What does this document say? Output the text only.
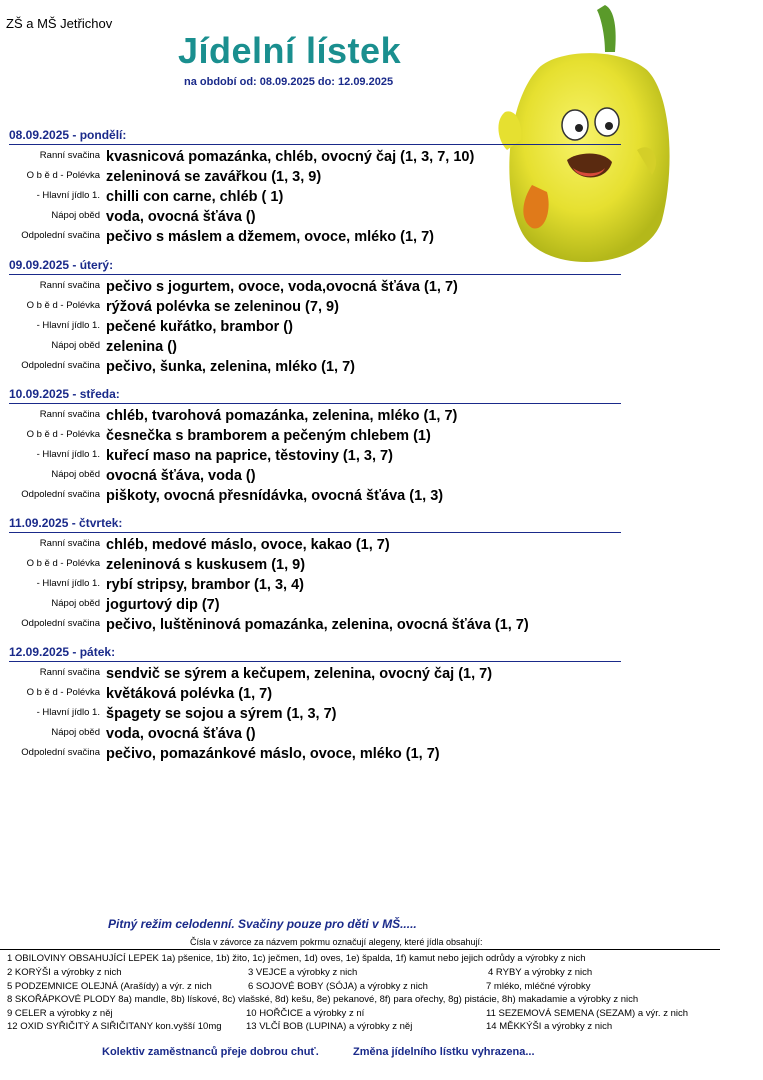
ZŠ a MŠ Jetřichov
Jídelní lístek
na období od: 08.09.2025 do: 12.09.2025
08.09.2025 - pondělí:
Ranní svačina kvasnicová pomazánka, chléb, ovocný čaj (1, 3, 7, 10)
O b ě d - Polévka zeleninová se zavářkou (1, 3, 9)
- Hlavní jídlo 1. chilli con carne, chléb ( 1)
Nápoj oběd voda, ovocná šťáva ()
Odpolední svačina pečivo s máslem a džemem, ovoce, mléko (1, 7)
09.09.2025 - úterý:
Ranní svačina pečivo s jogurtem, ovoce, voda,ovocná šťáva (1, 7)
O b ě d - Polévka rýžová polévka se zeleninou (7, 9)
- Hlavní jídlo 1. pečené kuřátko, brambor ()
Nápoj oběd zelenina ()
Odpolední svačina pečivo, šunka, zelenina, mléko (1, 7)
10.09.2025 - středa:
Ranní svačina chléb, tvarohová pomazánka, zelenina, mléko (1, 7)
O b ě d - Polévka česnečka s bramborem a pečeným chlebem (1)
- Hlavní jídlo 1. kuřecí maso na paprice, těstoviny (1, 3, 7)
Nápoj oběd ovocná šťáva, voda ()
Odpolední svačina piškoty, ovocná přesnídávka, ovocná šťáva (1, 3)
11.09.2025 - čtvrtek:
Ranní svačina chléb, medové máslo, ovoce, kakao (1, 7)
O b ě d - Polévka zeleninová s kuskusem (1, 9)
- Hlavní jídlo 1. rybí stripsy, brambor (1, 3, 4)
Nápoj oběd jogurtový dip (7)
Odpolední svačina pečivo, luštěninová pomazánka, zelenina, ovocná šťáva (1, 7)
12.09.2025 - pátek:
Ranní svačina sendvič se sýrem a kečupem, zelenina, ovocný čaj (1, 7)
O b ě d - Polévka květáková polévka (1, 7)
- Hlavní jídlo 1. špagety se sojou a sýrem (1, 3, 7)
Nápoj oběd voda, ovocná šťáva ()
Odpolední svačina pečivo, pomazánkové máslo, ovoce, mléko (1, 7)
Pitný režim celodenní. Svačiny pouze pro děti v MŠ.....
Čísla v závorce za názvem pokrmu označují alegeny, které jídla obsahují:
1 OBILOVINY OBSAHUJÍCÍ LEPEK 1a) pšenice, 1b) žito, 1c) ječmen, 1d) oves, 1e) špalda, 1f) kamut nebo jejich odrůdy a výrobky z nich
2 KORÝŠI a výrobky z nich	3 VEJCE a výrobky z nich	4 RYBY a výrobky z nich
5 PODZEMNICE OLEJNÁ (Arašídy) a výr. z nich	6 SOJOVÉ BOBY (SÓJA) a výrobky z nich	7 mléko, mléčné výrobky
8 SKOŘÁPKOVÉ PLODY 8a) mandle, 8b) lískové, 8c) vlašské, 8d) kešu, 8e) pekanové, 8f) para ořechy, 8g) pistácie, 8h) makadamie a výrobky z nich
9 CELER a výrobky z něj	10 HOŘČICE a výrobky z ní	11 SEZEMOVÁ SEMENA (SEZAM) a výr. z nich
12 OXID SYŘIČITÝ A SIŘIČITANY kon.vyšší 10mg	13 VLČÍ BOB (LUPINA) a výrobky z něj	14 MĚKKÝŠI a výrobky z nich
Kolektiv zaměstnanců přeje dobrou chuť.	Změna jídelního lístku vyhrazena...
